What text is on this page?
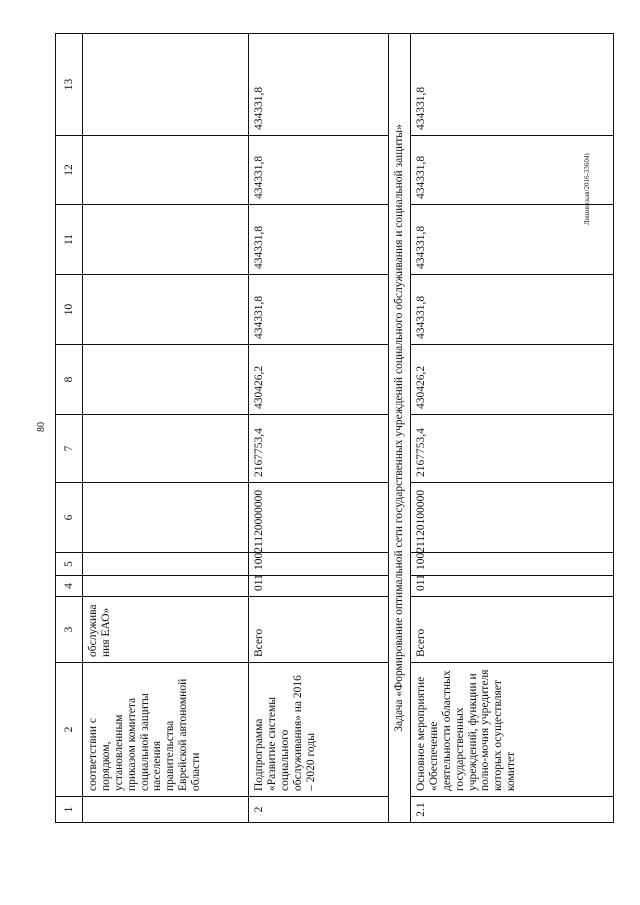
80
Ляшинская/2016-33604)
1	2	3	4	5	6	7	8	10	11	12	13
	соответствии с порядком, установленным приказом комитета социальной защиты населения правительства Еврейской автономной области	обслуживания ЕАО»									
2	Подпрограмма «Развитие системы социального обслуживания» на 2016 – 2020 годы	Всего	011	1002	1120000000	2167753,4	430426,2	434331,8	434331,8	434331,8	434331,8
Задача «Формирование оптимальной сети государственных учреждений социального обслуживания и социальной защиты»											
2.1	Основное мероприятие «Обеспечение деятельности областных государственных учреждений, функции и полно-мочия учредителя которых осуществляет комитет	Всего	011	1002	1120100000	2167753,4	430426,2	434331,8	434331,8	434331,8	434331,8
